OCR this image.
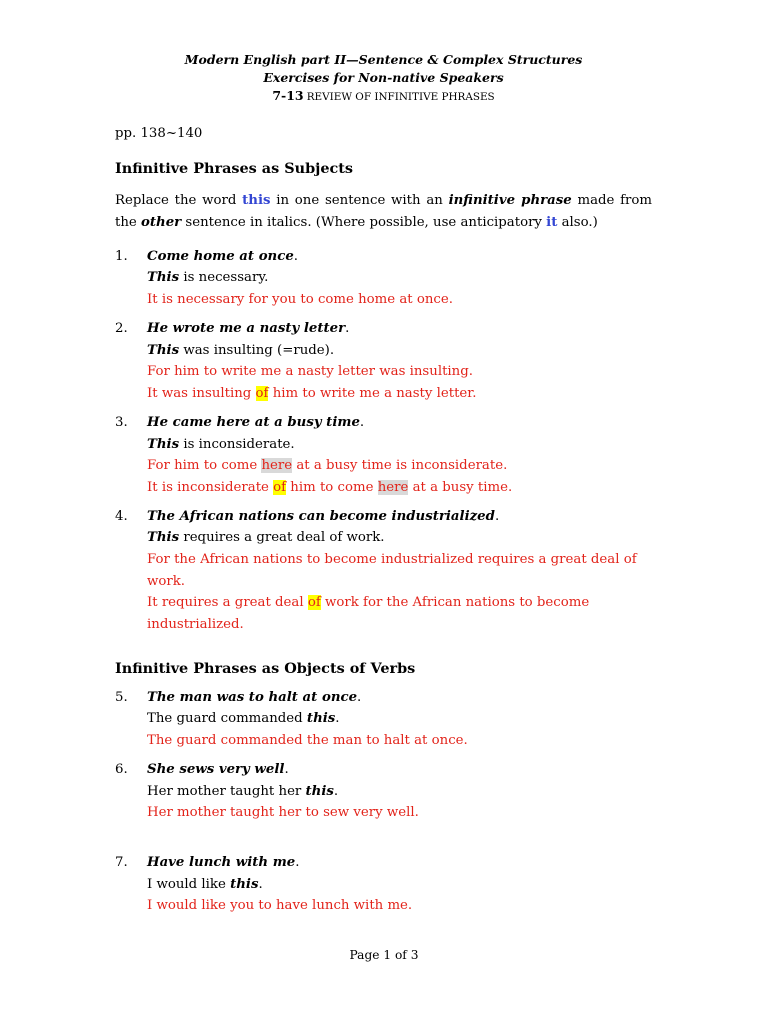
Modern English part II—Sentence & Complex Structures
Exercises for Non-native Speakers
7-13 REVIEW OF INFINITIVE PHRASES

pp. 138~140

Infinitive Phrases as Subjects
Replace the word this in one sentence with an infinitive phrase made from
the other sentence in italics. (Where possible, use anticipatory it also.)
1.	Come home at once.
This is necessary.
It is necessary for you to come home at once.
2.	He wrote me a nasty letter.
This was insulting (=rude).
For him to write me a nasty letter was insulting.
It was insulting of him to write me a nasty letter.
3.	He came here at a busy time.
This is inconsiderate.
For him to come here at a busy time is inconsiderate.
It is inconsiderate of him to come here at a busy time.
4.	The African nations can become industrialized.
This requires a great deal of work.
For the African nations to become industrialized requires a great deal of work.
It requires a great deal of work for the African nations to become industrialized.
Infinitive Phrases as Objects of Verbs
5.	The man was to halt at once.
The guard commanded this.
The guard commanded the man to halt at once.
6.	She sews very well.
Her mother taught her this.
Her mother taught her to sew very well.
7.	Have lunch with me.
I would like this.
I would like you to have lunch with me.
Page 1 of 3
